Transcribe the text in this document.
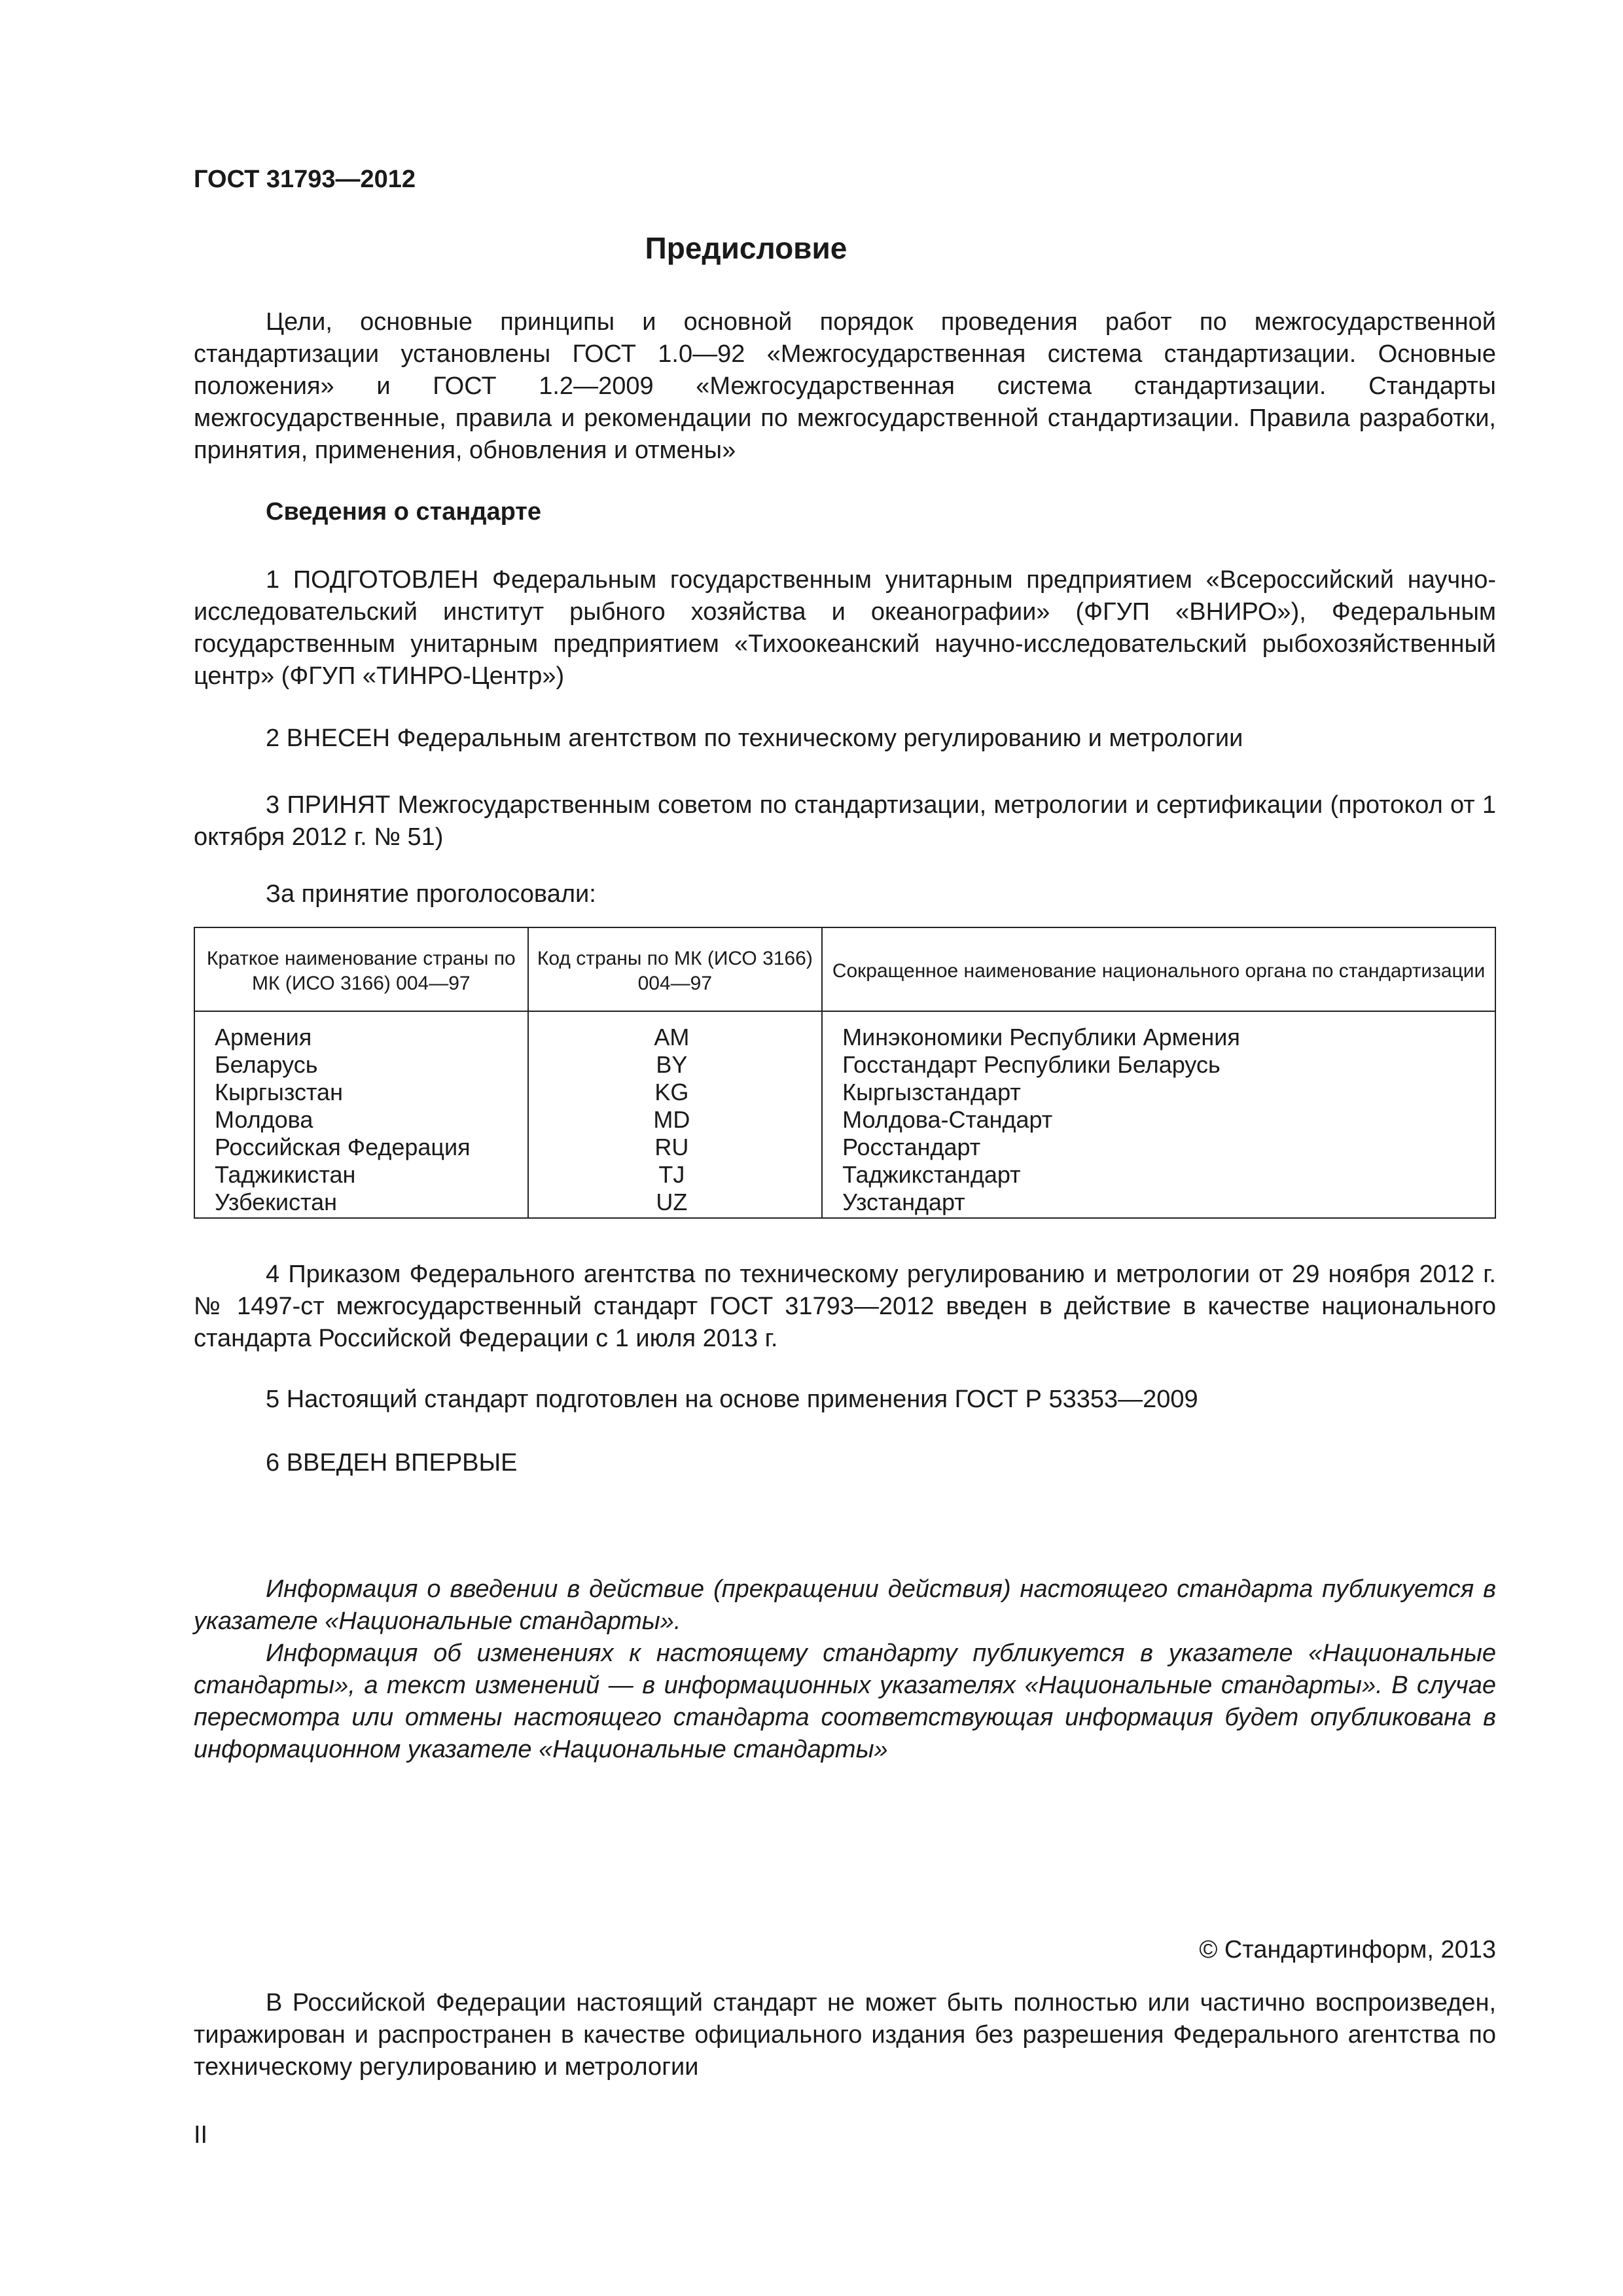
ГОСТ 31793—2012
Предисловие

Цели, основные принципы и основной порядок проведения работ по межгосударственной стандартизации установлены ГОСТ 1.0—92 «Межгосударственная система стандартизации. Основные положения» и ГОСТ 1.2—2009 «Межгосударственная система стандартизации. Стандарты межгосударственные, правила и рекомендации по межгосударственной стандартизации. Правила разработки, принятия, применения, обновления и отмены»

Сведения о стандарте

1 ПОДГОТОВЛЕН Федеральным государственным унитарным предприятием «Всероссийский научно-исследовательский институт рыбного хозяйства и океанографии» (ФГУП «ВНИРО»), Федеральным государственным унитарным предприятием «Тихоокеанский научно-исследовательский рыбохозяйственный центр» (ФГУП «ТИНРО-Центр»)

2 ВНЕСЕН Федеральным агентством по техническому регулированию и метрологии

3 ПРИНЯТ Межгосударственным советом по стандартизации, метрологии и сертификации (протокол от 1 октября 2012 г. № 51)

За принятие проголосовали:

Краткое наименование страны по МК (ИСО 3166) 004—97	Код страны по МК (ИСО 3166) 004—97	Сокращенное наименование национального органа по стандартизации
Армения	AM	Минэкономики Республики Армения
Беларусь	BY	Госстандарт Республики Беларусь
Кыргызстан	KG	Кыргызстандарт
Молдова	MD	Молдова-Стандарт
Российская Федерация	RU	Росстандарт
Таджикистан	TJ	Таджикстандарт
Узбекистан	UZ	Узстандарт

4 Приказом Федерального агентства по техническому регулированию и метрологии от 29 ноября 2012 г. № 1497-ст межгосударственный стандарт ГОСТ 31793—2012 введен в действие в качестве национального стандарта Российской Федерации с 1 июля 2013 г.

5 Настоящий стандарт подготовлен на основе применения ГОСТ Р 53353—2009

6 ВВЕДЕН ВПЕРВЫЕ

Информация о введении в действие (прекращении действия) настоящего стандарта публикуется в указателе «Национальные стандарты».

Информация об изменениях к настоящему стандарту публикуется в указателе «Национальные стандарты», а текст изменений — в информационных указателях «Национальные стандарты». В случае пересмотра или отмены настоящего стандарта соответствующая информация будет опубликована в информационном указателе «Национальные стандарты»

© Стандартинформ, 2013

В Российской Федерации настоящий стандарт не может быть полностью или частично воспроизведен, тиражирован и распространен в качестве официального издания без разрешения Федерального агентства по техническому регулированию и метрологии

II
